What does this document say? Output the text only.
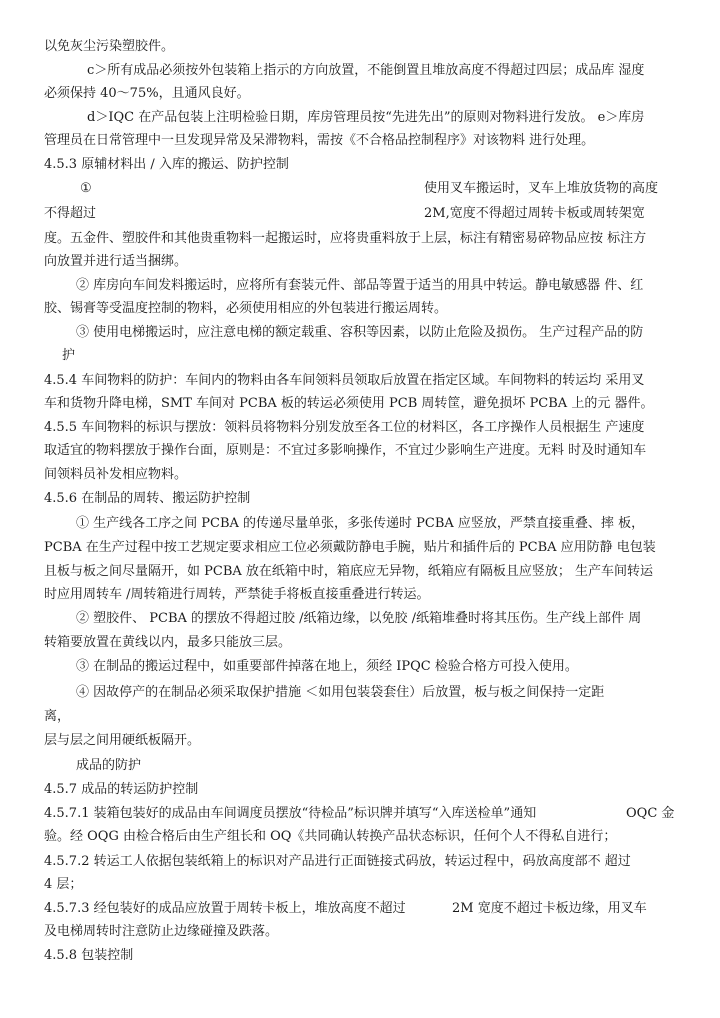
以免灰尘污染塑胶件。

c＞所有成品必须按外包装箱上指示的方向放置，不能倒置且堆放高度不得超过四层；成品库 湿度

必须保持 40～75%，且通风良好。

d＞IQC 在产品包装上注明检验日期，库房管理员按“先进先出”的原则对物料进行发放。 e＞库房

管理员在日常管理中一旦发现异常及呆滞物料，需按《不合格品控制程序》对该物料 进行处理。

4.5.3 原辅材料出 / 入库的搬运、防护控制

①	使用叉车搬运时，叉车上堆放货物的高度

不得超过	2M,宽度不得超过周转卡板或周转架宽

度。五金件、塑胶件和其他贵重物料一起搬运时，应将贵重料放于上层，标注有精密易碎物品应按 标注方

向放置并进行适当捆绑。

② 库房向车间发料搬运时，应将所有套装元件、部品等置于适当的用具中转运。静电敏感器 件、红

胶、锡膏等受温度控制的物料，必须使用相应的外包装进行搬运周转。

③ 使用电梯搬运时，应注意电梯的额定载重、容积等因素，以防止危险及损伤。 生产过程产品的防

护

4.5.4 车间物料的防护：车间内的物料由各车间领料员领取后放置在指定区域。车间物料的转运均 采用叉

车和货物升降电梯，SMT 车间对 PCBA 板的转运必须使用 PCB 周转筐，避免损坏 PCBA 上的元 器件。

4.5.5 车间物料的标识与摆放：领料员将物料分别发放至各工位的材料区，各工序操作人员根据生 产速度

取适宜的物料摆放于操作台面，原则是：不宜过多影响操作，不宜过少影响生产进度。无料 时及时通知车

间领料员补发相应物料。

4.5.6 在制品的周转、搬运防护控制

① 生产线各工序之间 PCBA 的传递尽量单张，多张传递时 PCBA 应竖放，严禁直接重叠、摔 板，

PCBA 在生产过程中按工艺规定要求相应工位必须戴防静电手腕，贴片和插件后的 PCBA 应用防静 电包装

且板与板之间尽量隔开，如 PCBA 放在纸箱中时，箱底应无异物，纸箱应有隔板且应竖放； 生产车间转运

时应用周转车 /周转箱进行周转，严禁徒手将板直接重叠进行转运。

② 塑胶件、 PCBA 的摆放不得超过胶 /纸箱边缘，以免胶 /纸箱堆叠时将其压伤。生产线上部件 周

转箱要放置在黄线以内，最多只能放三层。

③ 在制品的搬运过程中，如重要部件掉落在地上，须经 IPQC 检验合格方可投入使用。

④ 因故停产的在制品必须采取保护措施 ＜如用包装袋套住）后放置，板与板之间保持一定距

离，

层与层之间用硬纸板隔开。

成品的防护

4.5.7 成品的转运防护控制

4.5.7.1 装箱包装好的成品由车间调度员摆放“待检品”标识牌并填写“入库送检单”通知	OQC 金

验。经 OQG 由检合格后由生产组长和 OQ《共同确认转换产品状态标识，任何个人不得私自进行；

4.5.7.2 转运工人依据包装纸箱上的标识对产品进行正面链接式码放，转运过程中，码放高度部不 超过

4 层；

4.5.7.3 经包装好的成品应放置于周转卡板上，堆放高度不超过	2M 宽度不超过卡板边缘，用叉车

及电梯周转时注意防止边缘碰撞及跌落。

4.5.8 包装控制
